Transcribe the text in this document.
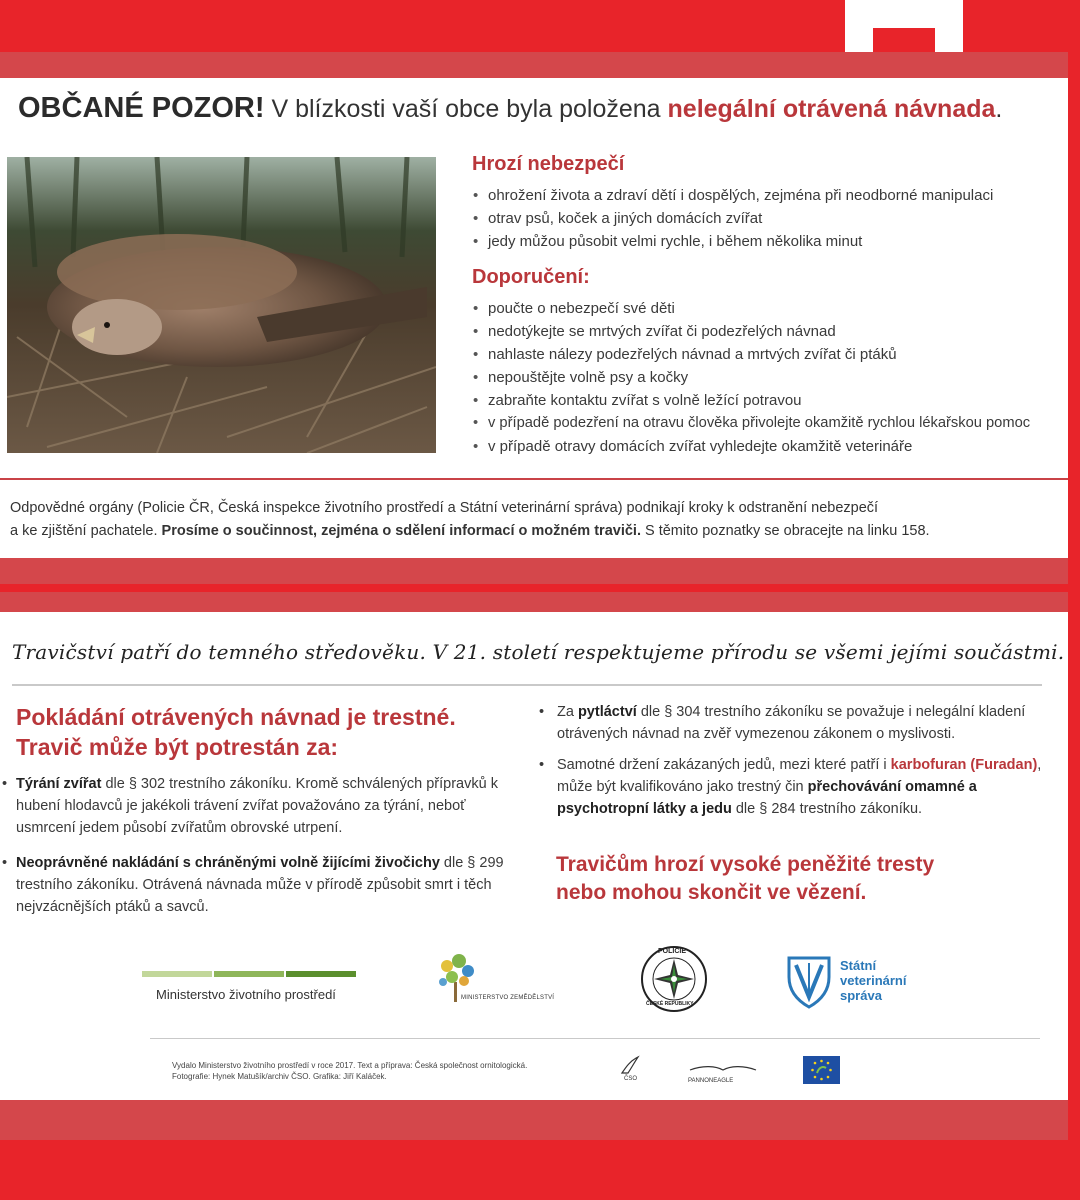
OBČANÉ POZOR! V blízkosti vaší obce byla položena nelegální otrávená návnada.
Hrozí nebezpečí
• ohrožení života a zdraví dětí i dospělých, zejména při neodborné manipulaci
• otrav psů, koček a jiných domácích zvířat
• jedy můžou působit velmi rychle, i během několika minut
Doporučení:
• poučte o nebezpečí své děti
• nedotýkejte se mrtvých zvířat či podezřelých návnad
• nahlaste nálezy podezřelých návnad a mrtvých zvířat či ptáků
• nepouštějte volně psy a kočky
• zabraňte kontaktu zvířat s volně ležící potravou
• v případě podezření na otravu člověka přivolejte okamžitě rychlou lékařskou pomoc
• v případě otravy domácích zvířat vyhledejte okamžitě veterináře
Odpovědné orgány (Policie ČR, Česká inspekce životního prostředí a Státní veterinární správa) podnikají kroky k odstranění nebezpečí
a ke zjištění pachatele. Prosíme o součinnost, zejména o sdělení informací o možném traviči. S těmito poznatky se obracejte na linku 158.
Travičství patří do temného středověku. V 21. století respektujeme přírodu se všemi jejími součástmi.
Pokládání otrávených návnad je trestné.
Travič může být potrestán za:
• Týrání zvířat dle § 302 trestního zákoníku. Kromě schválených přípravků k hubení hlodavců je jakékoli trávení zvířat považováno za týrání, neboť usmrcení jedem působí zvířatům obrovské utrpení.
• Neoprávněné nakládání s chráněnými volně žijícími živočichy dle § 299 trestního zákoníku. Otrávená návnada může v přírodě způsobit smrt i těch nejvzácnějších ptáků a savců.
• Za pytláctví dle § 304 trestního zákoníku se považuje i nelegální kladení otrávených návnad na zvěř vymezenou zákonem o myslivosti.
• Samotné držení zakázaných jedů, mezi které patří i karbofuran (Furadan), může být kvalifikováno jako trestný čin přechovávání omamné a psychotropní látky a jedu dle § 284 trestního zákoníku.
Travičům hrozí vysoké peněžité tresty
nebo mohou skončit ve vězení.
Ministerstvo životního prostředí	MINISTERSTVO ZEMĚDĚLSTVÍ
POLICIE
ČESKÉ REPUBLIKY
Státní
veterinární
správa
Vydalo Ministerstvo životního prostředí v roce 2017. Text a příprava: Česká společnost ornitologická.
Fotografie: Hynek Matušík/archiv ČSO. Grafika: Jiří Kaláček.	ČSO	PANNONEAGLE
